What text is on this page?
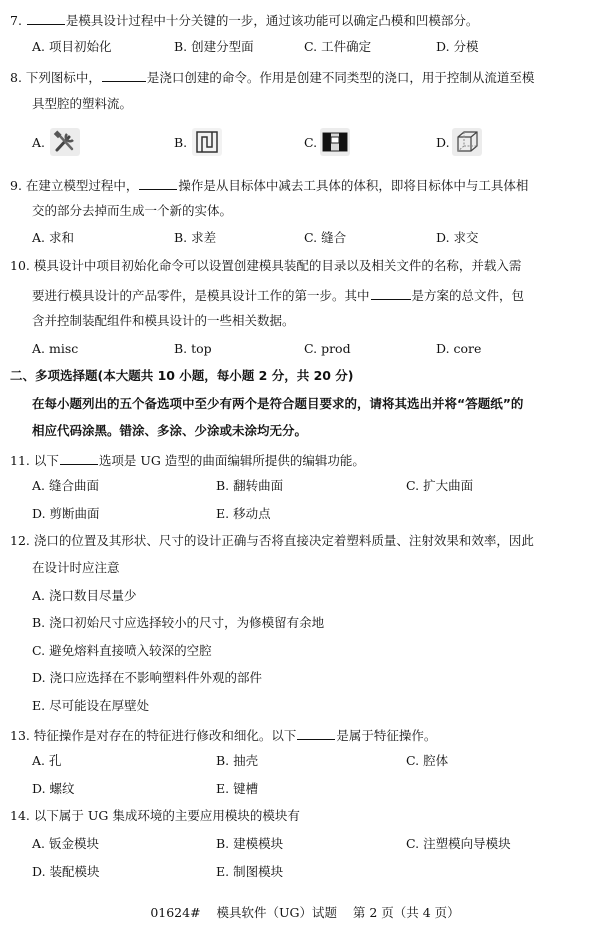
7.	是模具设计过程中十分关键的一步，通过该功能可以确定凸模和凹模部分。
A. 项目初始化	B. 创建分型面	C. 工件确定	D. 分模
8. 下列图标中，	是浇口创建的命令。作用是创建不同类型的浇口，用于控制从流道至模
具型腔的塑料流。
A.	B.	C.	D.
9. 在建立模型过程中，	操作是从目标体中减去工具体的体积，即将目标体中与工具体相
交的部分去掉而生成一个新的实体。
A. 求和	B. 求差	C. 缝合	D. 求交
10. 模具设计中项目初始化命令可以设置创建模具装配的目录以及相关文件的名称，并载入需
要进行模具设计的产品零件，是模具设计工作的第一步。其中	是方案的总文件，包
含并控制装配组件和模具设计的一些相关数据。
A. misc	B. top	C. prod	D. core
二、多项选择题(本大题共 10 小题，每小题 2 分，共 20 分)
在每小题列出的五个备选项中至少有两个是符合题目要求的，请将其选出并将“答题纸”的
相应代码涂黑。错涂、多涂、少涂或未涂均无分。
11. 以下	选项是 UG 造型的曲面编辑所提供的编辑功能。
A. 缝合曲面	B. 翻转曲面	C. 扩大曲面
D. 剪断曲面	E. 移动点
12. 浇口的位置及其形状、尺寸的设计正确与否将直接决定着塑料质量、注射效果和效率，因此
在设计时应注意
A. 浇口数目尽量少
B. 浇口初始尺寸应选择较小的尺寸，为修模留有余地
C. 避免熔料直接喷入较深的空腔
D. 浇口应选择在不影响塑料件外观的部件
E. 尽可能设在厚壁处
13. 特征操作是对存在的特征进行修改和细化。以下	是属于特征操作。
A. 孔	B. 抽壳	C. 腔体
D. 螺纹	E. 键槽
14. 以下属于 UG 集成环境的主要应用模块的模块有
A. 钣金模块	B. 建模模块	C. 注塑模向导模块
D. 装配模块	E. 制图模块
01624#    模具软件（UG）试题    第 2 页（共 4 页）
